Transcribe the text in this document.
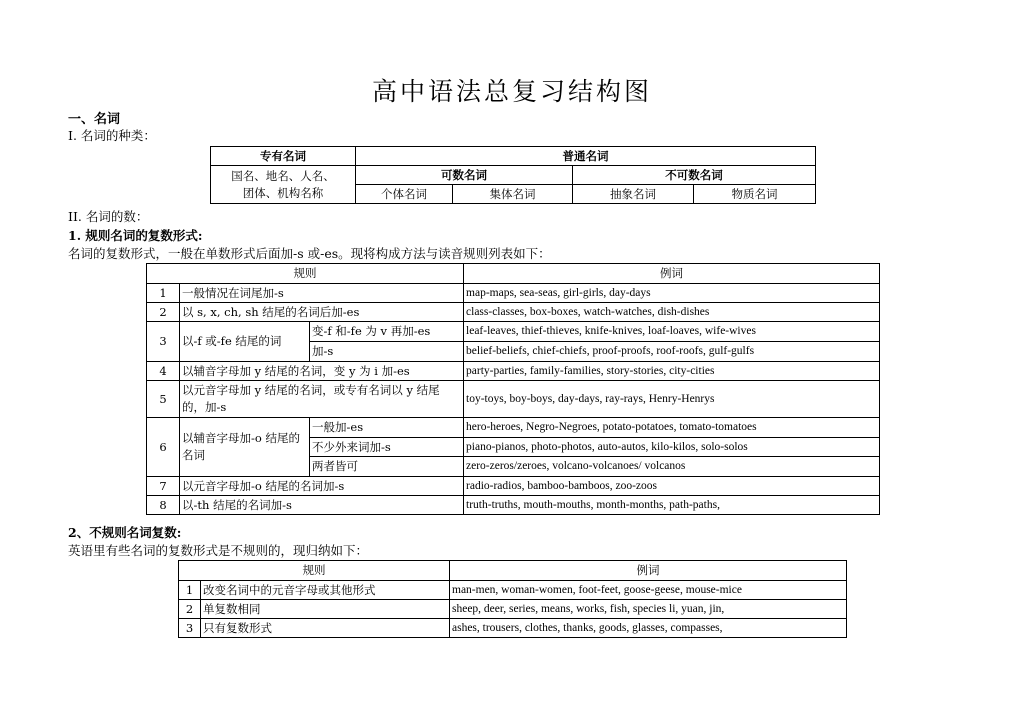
高中语法总复习结构图
一、名词
I. 名词的种类：
专有名词	普通名词			

国名、地名、人名、
团体、机构名称	可数名词		不可数名词	
	个体名词	集体名词	抽象名词	物质名词
II. 名词的数：
1. 规则名词的复数形式:
名词的复数形式，一般在单数形式后面加-s 或-es。现将构成方法与读音规则列表如下：
规则			例词
1	一般情况在词尾加-s		map-maps, sea-seas, girl-girls, day-days
2	以 s, x, ch, sh 结尾的名词后加-es		class-classes, box-boxes, watch-watches, dish-dishes
3	以-f 或-fe 结尾的词	变-f 和-fe 为 v 再加-es	leaf-leaves, thief-thieves, knife-knives, loaf-loaves, wife-wives
		加-s	belief-beliefs, chief-chiefs, proof-proofs, roof-roofs, gulf-gulfs
4	以辅音字母加 y 结尾的名词，变 y 为 i 加-es		party-parties, family-families, story-stories, city-cities
5	以元音字母加 y 结尾的名词，或专有名词以 y 结尾的，加-s		toy-toys, boy-boys, day-days, ray-rays, Henry-Henrys
6	以辅音字母加-o 结尾的名词	一般加-es	hero-heroes, Negro-Negroes, potato-potatoes, tomato-tomatoes
		不少外来词加-s	piano-pianos, photo-photos, auto-autos, kilo-kilos, solo-solos
		两者皆可	zero-zeros/zeroes, volcano-volcanoes/ volcanos
7	以元音字母加-o 结尾的名词加-s		radio-radios, bamboo-bamboos, zoo-zoos
8	以-th 结尾的名词加-s		truth-truths, mouth-mouths, month-months, path-paths,
2、不规则名词复数:
英语里有些名词的复数形式是不规则的，现归纳如下：
规则		例词
1	改变名词中的元音字母或其他形式	man-men, woman-women, foot-feet, goose-geese, mouse-mice
2	单复数相同	sheep, deer, series, means, works, fish, species li, yuan, jin,
3	只有复数形式	ashes, trousers, clothes, thanks, goods, glasses, compasses,
